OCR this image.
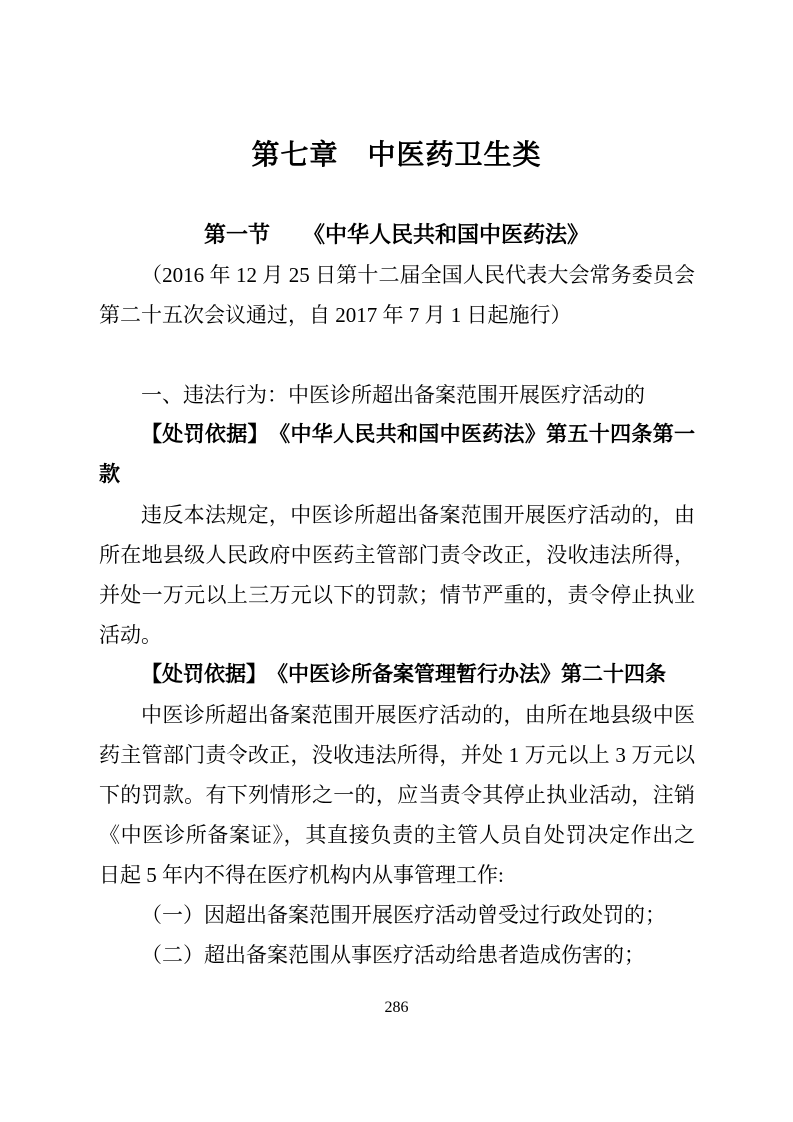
第七章　中医药卫生类
第一节　　《中华人民共和国中医药法》

（2016 年 12 月 25 日第十二届全国人民代表大会常务委员会第二十五次会议通过，自 2017 年 7 月 1 日起施行）

一、违法行为：中医诊所超出备案范围开展医疗活动的

【处罚依据】　《中华人民共和国中医药法》第五十四条第一款

违反本法规定，中医诊所超出备案范围开展医疗活动的，由所在地县级人民政府中医药主管部门责令改正，没收违法所得，并处一万元以上三万元以下的罚款；情节严重的，责令停止执业活动。

【处罚依据】　《中医诊所备案管理暂行办法》第二十四条

中医诊所超出备案范围开展医疗活动的，由所在地县级中医药主管部门责令改正，没收违法所得，并处 1 万元以上 3 万元以下的罚款。有下列情形之一的，应当责令其停止执业活动，注销《中医诊所备案证》，其直接负责的主管人员自处罚决定作出之日起 5 年内不得在医疗机构内从事管理工作:

（一）因超出备案范围开展医疗活动曾受过行政处罚的；

（二）超出备案范围从事医疗活动给患者造成伤害的；

286
